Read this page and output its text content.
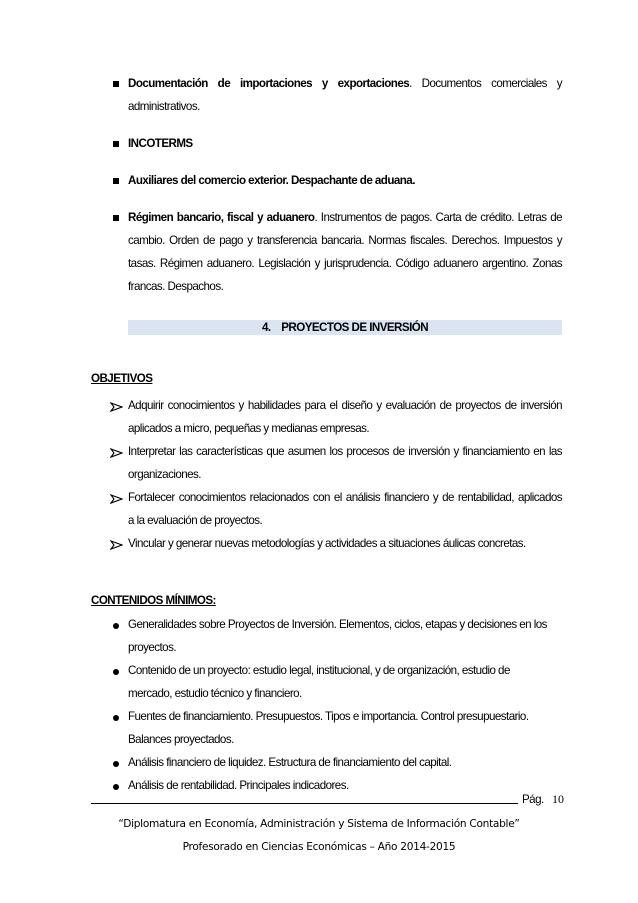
Documentación de importaciones y exportaciones. Documentos comerciales y
administrativos.
INCOTERMS
Auxiliares del comercio exterior. Despachante de aduana.
Régimen bancario, fiscal y aduanero. Instrumentos de pagos. Carta de crédito. Letras de
cambio. Orden de pago y transferencia bancaria. Normas fiscales. Derechos. Impuestos y
tasas. Régimen aduanero. Legislación y jurisprudencia. Código aduanero argentino. Zonas
francas. Despachos.
4. PROYECTOS DE INVERSIÓN
OBJETIVOS
Adquirir conocimientos y habilidades para el diseño y evaluación de proyectos de inversión
aplicados a micro, pequeñas y medianas empresas.
Interpretar las características que asumen los procesos de inversión y financiamiento en las
organizaciones.
Fortalecer conocimientos relacionados con el análisis financiero y de rentabilidad, aplicados
a la evaluación de proyectos.
Vincular y generar nuevas metodologías y actividades a situaciones áulicas concretas.
CONTENIDOS MÍNIMOS:
Generalidades sobre Proyectos de Inversión. Elementos, ciclos, etapas y decisiones en los
proyectos.
Contenido de un proyecto: estudio legal, institucional, y de organización, estudio de
mercado, estudio técnico y financiero.
Fuentes de financiamiento. Presupuestos. Tipos e importancia. Control presupuestario.
Balances proyectados.
Análisis financiero de liquidez. Estructura de financiamiento del capital.
Análisis de rentabilidad. Principales indicadores.
Pág. 10
“Diplomatura en Economía, Administración y Sistema de Información Contable”
Profesorado en Ciencias Económicas – Año 2014-2015
